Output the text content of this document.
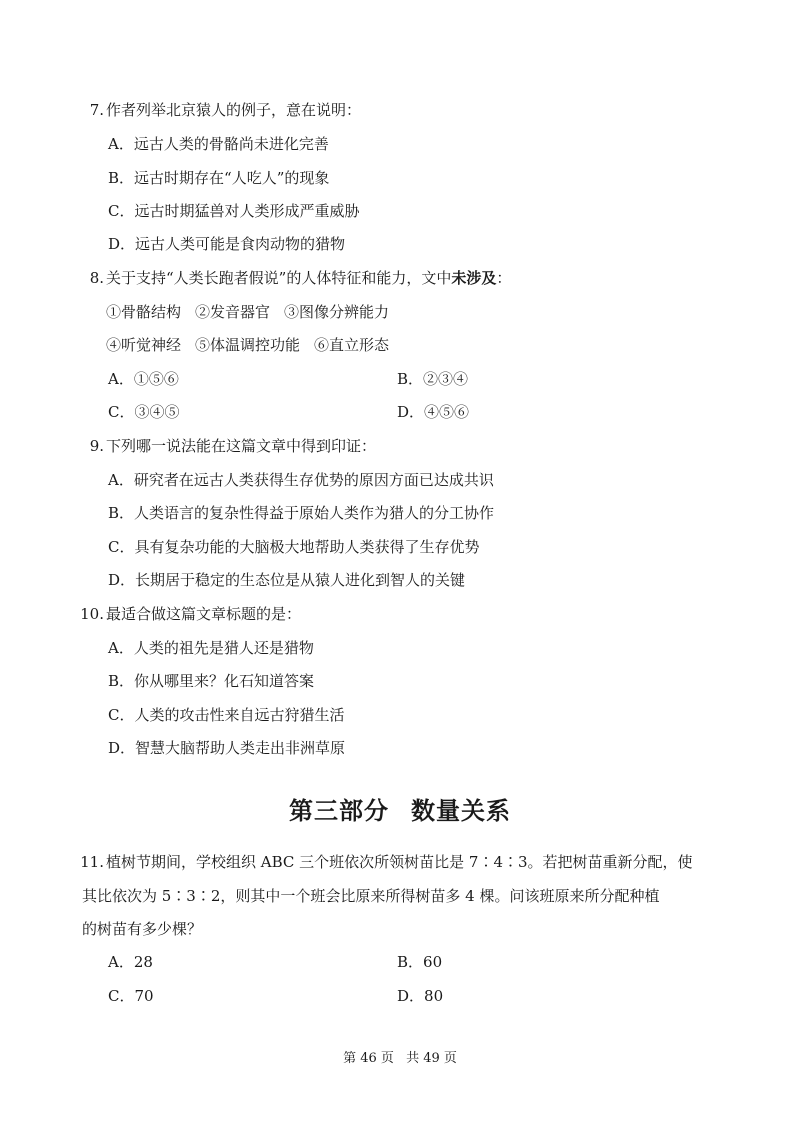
7. 作者列举北京猿人的例子，意在说明：
A．远古人类的骨骼尚未进化完善
B．远古时期存在“人吃人”的现象
C．远古时期猛兽对人类形成严重威胁
D．远古人类可能是食肉动物的猎物
8. 关于支持“人类长跑者假说”的人体特征和能力，文中未涉及：
①骨骼结构 ②发音器官 ③图像分辨能力
④听觉神经 ⑤体温调控功能 ⑥直立形态
A．①⑤⑥	B．②③④
C．③④⑤	D．④⑤⑥
9. 下列哪一说法能在这篇文章中得到印证：
A．研究者在远古人类获得生存优势的原因方面已达成共识
B．人类语言的复杂性得益于原始人类作为猎人的分工协作
C．具有复杂功能的大脑极大地帮助人类获得了生存优势
D．长期居于稳定的生态位是从猿人进化到智人的关键
10. 最适合做这篇文章标题的是：
A．人类的祖先是猎人还是猎物
B．你从哪里来？化石知道答案
C．人类的攻击性来自远古狩猎生活
D．智慧大脑帮助人类走出非洲草原
第三部分 数量关系
11. 植树节期间，学校组织 ABC 三个班依次所领树苗比是 7∶4∶3。若把树苗重新分配，使
其比依次为 5∶3∶2，则其中一个班会比原来所得树苗多 4 棵。问该班原来所分配种植
的树苗有多少棵？
A．28	B．60
C．70	D．80
第 46 页 共 49 页
